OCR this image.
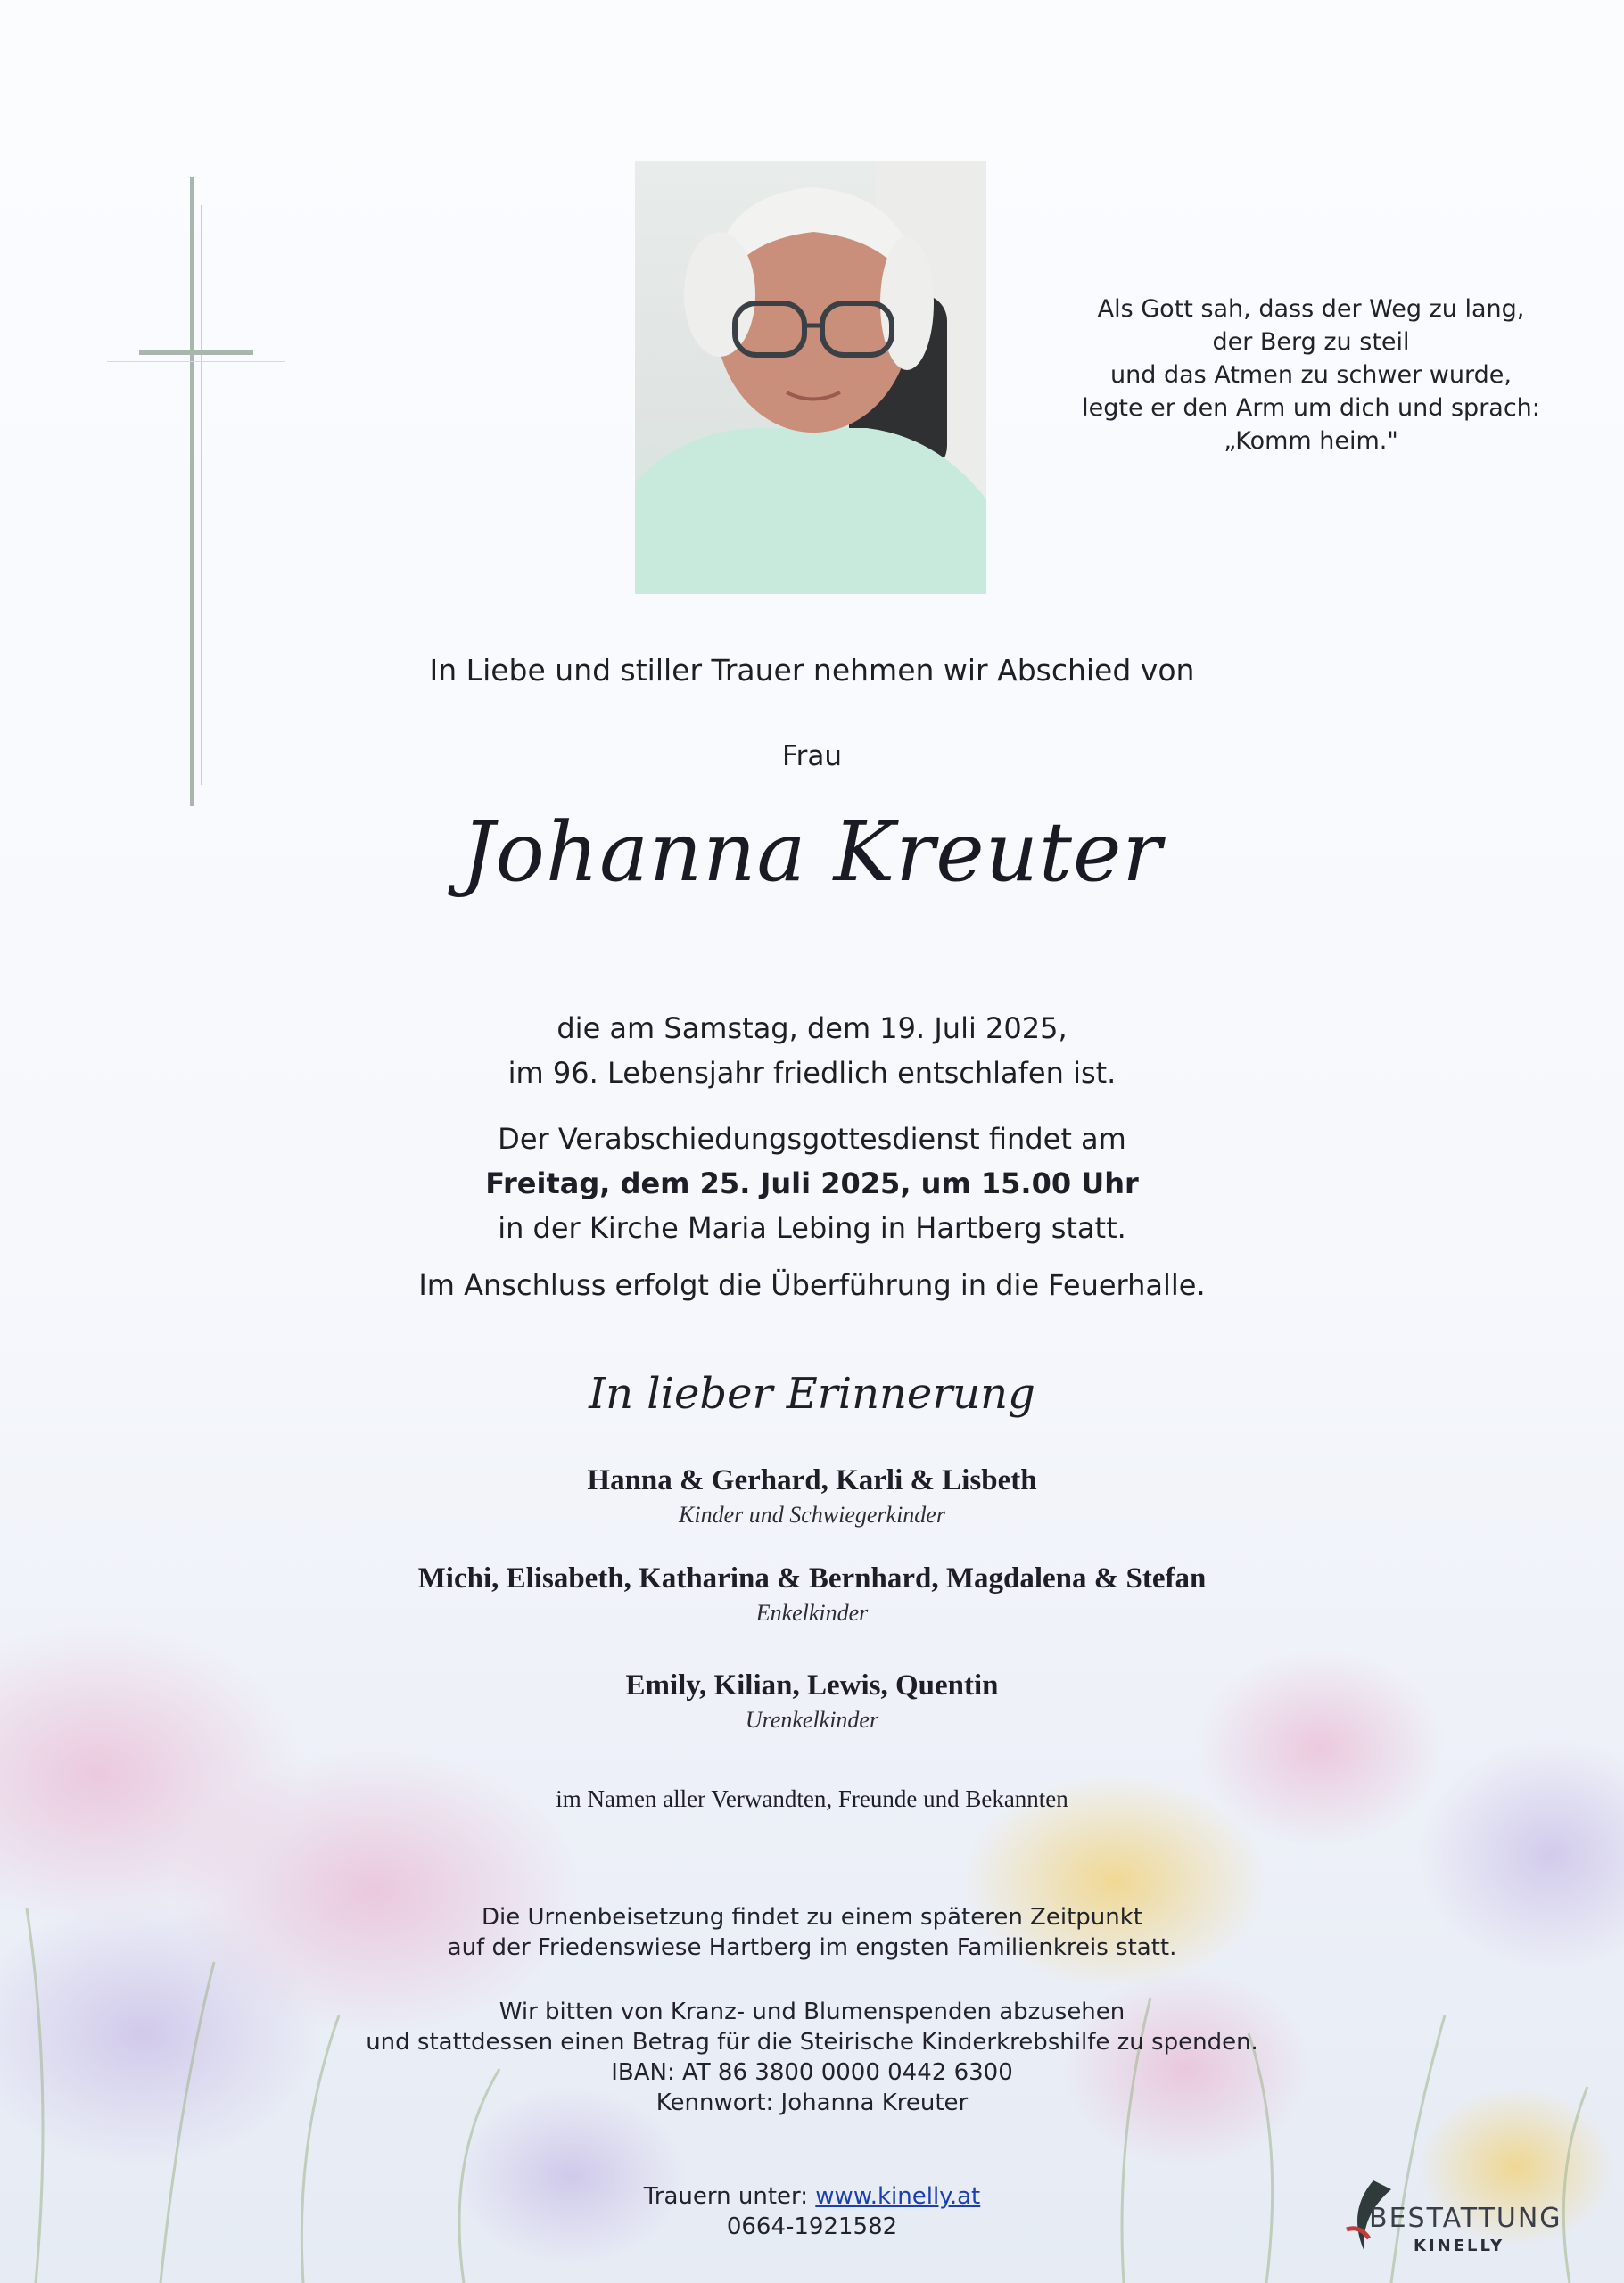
Als Gott sah, dass der Weg zu lang,
der Berg zu steil
und das Atmen zu schwer wurde,
legte er den Arm um dich und sprach:
„Komm heim."
In Liebe und stiller Trauer nehmen wir Abschied von
Frau
Johanna Kreuter
die am Samstag, dem 19. Juli 2025,
im 96. Lebensjahr friedlich entschlafen ist.
Der Verabschiedungsgottesdienst findet am
Freitag, dem 25. Juli 2025, um 15.00 Uhr
in der Kirche Maria Lebing in Hartberg statt.
Im Anschluss erfolgt die Überführung in die Feuerhalle.
In lieber Erinnerung
Hanna & Gerhard, Karli & Lisbeth
Kinder und Schwiegerkinder
Michi, Elisabeth, Katharina & Bernhard, Magdalena & Stefan
Enkelkinder
Emily, Kilian, Lewis, Quentin
Urenkelkinder
im Namen aller Verwandten, Freunde und Bekannten
Die Urnenbeisetzung findet zu einem späteren Zeitpunkt
auf der Friedenswiese Hartberg im engsten Familienkreis statt.
Wir bitten von Kranz- und Blumenspenden abzusehen
und stattdessen einen Betrag für die Steirische Kinderkrebshilfe zu spenden.
IBAN: AT 86 3800 0000 0442 6300
Kennwort: Johanna Kreuter
Trauern unter: www.kinelly.at
0664-1921582	BESTATTUNG
KINELLY
